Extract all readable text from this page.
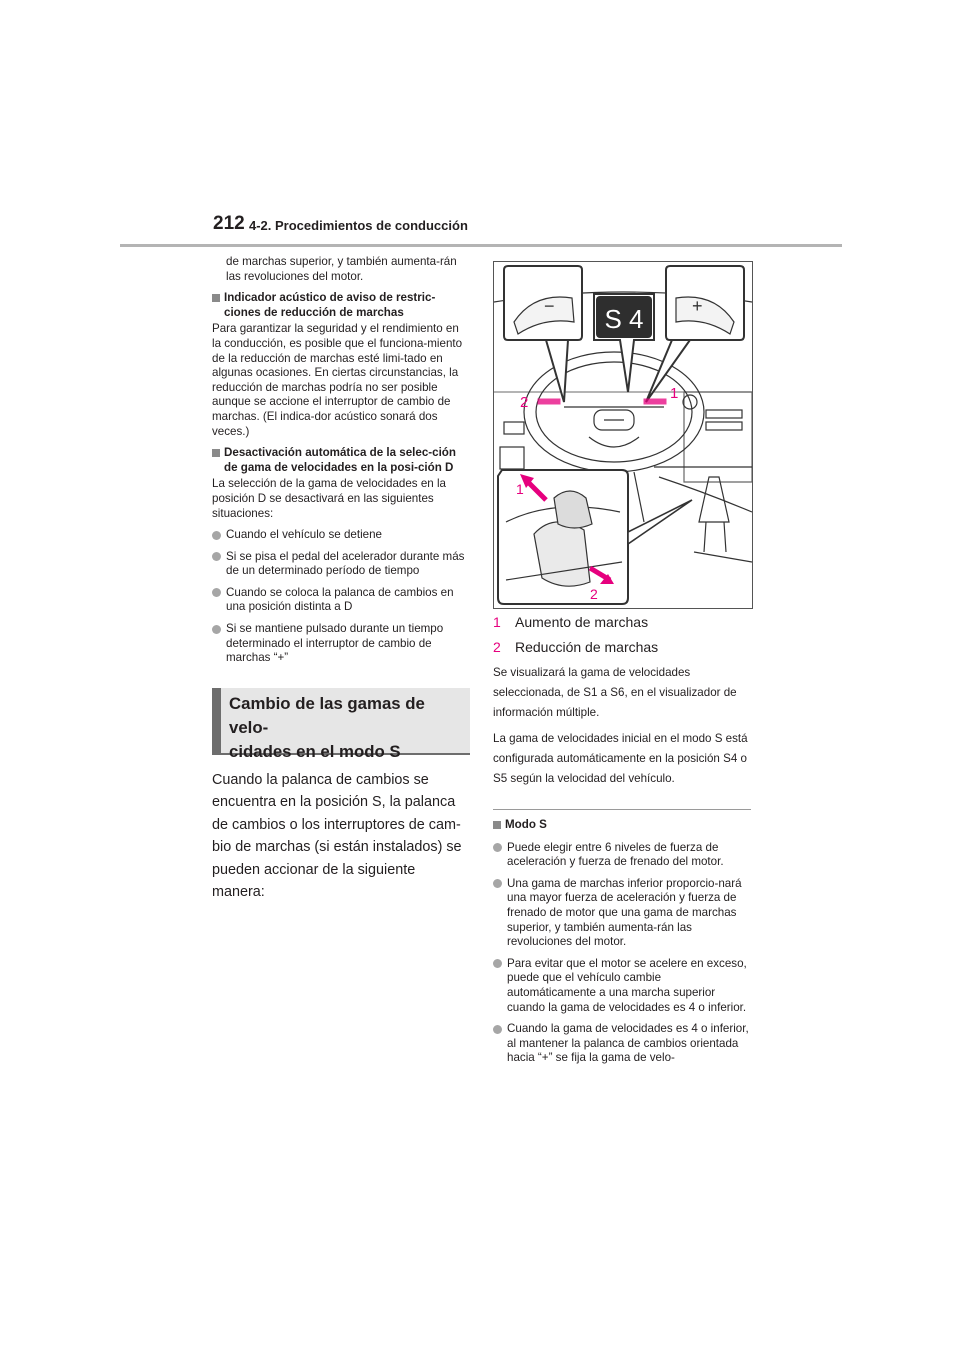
212 4-2. Procedimientos de conducción

de marchas superior, y también aumenta-rán las revoluciones del motor.

Indicador acústico de aviso de restric-ciones de reducción de marchas

Para garantizar la seguridad y el rendimiento en la conducción, es posible que el funciona-miento de la reducción de marchas esté limi-tado en algunas ocasiones. En ciertas circunstancias, la reducción de marchas podría no ser posible aunque se accione el interruptor de cambio de marchas. (El indica-dor acústico sonará dos veces.)

Desactivación automática de la selec-ción de gama de velocidades en la posi-ción D

La selección de la gama de velocidades en la posición D se desactivará en las siguientes situaciones:

Cuando el vehículo se detiene
Si se pisa el pedal del acelerador durante más de un determinado período de tiempo
Cuando se coloca la palanca de cambios en una posición distinta a D
Si se mantiene pulsado durante un tiempo determinado el interruptor de cambio de marchas “+”
Cambio de las gamas de velo-
cidades en el modo S

Cuando la palanca de cambios se encuentra en la posición S, la palanca de cambios o los interruptores de cam-bio de marchas (si están instalados) se pueden accionar de la siguiente manera:

−	+
S 4
2
1
1
2
1 Aumento de marchas
2 Reducción de marchas

Se visualizará la gama de velocidades seleccionada, de S1 a S6, en el visualizador de información múltiple.

La gama de velocidades inicial en el modo S está configurada automáticamente en la posición S4 o S5 según la velocidad del vehículo.

Modo S
Puede elegir entre 6 niveles de fuerza de aceleración y fuerza de frenado del motor.
Una gama de marchas inferior proporcio-nará una mayor fuerza de aceleración y fuerza de frenado de motor que una gama de marchas superior, y también aumenta-rán las revoluciones del motor.
Para evitar que el motor se acelere en exceso, puede que el vehículo cambie automáticamente a una marcha superior cuando la gama de velocidades es 4 o inferior.
Cuando la gama de velocidades es 4 o inferior, al mantener la palanca de cambios orientada hacia “+” se fija la gama de velo-
